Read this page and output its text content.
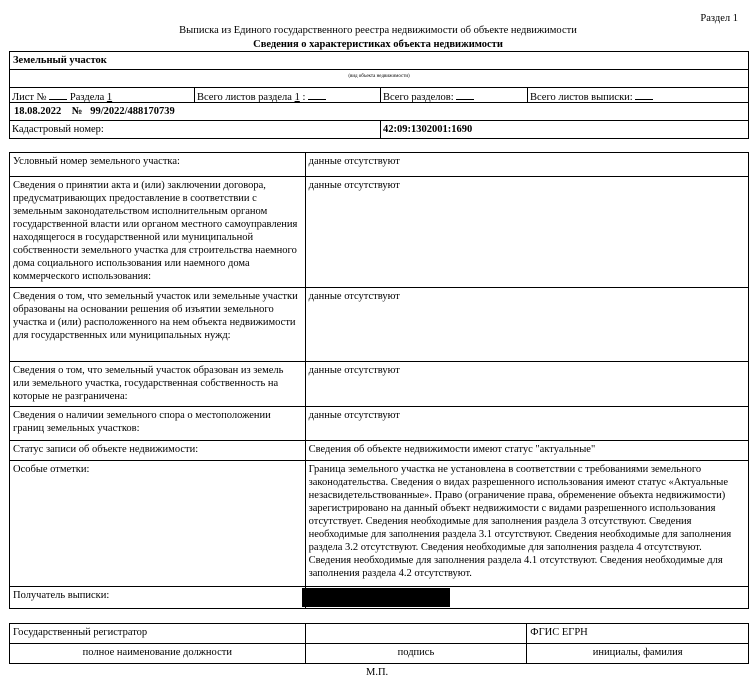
Раздел 1
Выписка из Единого государственного реестра недвижимости об объекте недвижимости
Сведения о характеристиках объекта недвижимости
Земельный участок
(вид объекта недвижимости)
Лист № Раздела 1	Всего листов раздела 1 :	Всего разделов:	Всего листов выписки:
18.08.2022 № 99/2022/488170739
Кадастровый номер:	42:09:1302001:1690
Условный номер земельного участка:	данные отсутствуют
Сведения о принятии акта и (или) заключении договора, предусматривающих предоставление в соответствии с земельным законодательством исполнительным органом государственной власти или органом местного самоуправления находящегося в государственной или муниципальной собственности земельного участка для строительства наемного дома социального использования или наемного дома коммерческого использования:	данные отсутствуют
Сведения о том, что земельный участок или земельные участки образованы на основании решения об изъятии земельного участка и (или) расположенного на нем объекта недвижимости для государственных или муниципальных нужд:	данные отсутствуют
Сведения о том, что земельный участок образован из земель или земельного участка, государственная собственность на которые не разграничена:	данные отсутствуют
Сведения о наличии земельного спора о местоположении границ земельных участков:	данные отсутствуют
Статус записи об объекте недвижимости:	Сведения об объекте недвижимости имеют статус "актуальные"
Особые отметки:	Граница земельного участка не установлена в соответствии с требованиями земельного законодательства. Сведения о видах разрешенного использования имеют статус «Актуальные незасвидетельствованные». Право (ограничение права, обременение объекта недвижимости) зарегистрировано на данный объект недвижимости с видами разрешенного использования отсутствует. Сведения необходимые для заполнения раздела 3 отсутствуют. Сведения необходимые для заполнения раздела 3.1 отсутствуют. Сведения необходимые для заполнения раздела 3.2 отсутствуют. Сведения необходимые для заполнения раздела 4 отсутствуют. Сведения необходимые для заполнения раздела 4.1 отсутствуют. Сведения необходимые для заполнения раздела 4.2 отсутствуют.
Получатель выписки:	
Государственный регистратор		ФГИС ЕГРН
полное наименование должности	подпись	инициалы, фамилия
М.П.
